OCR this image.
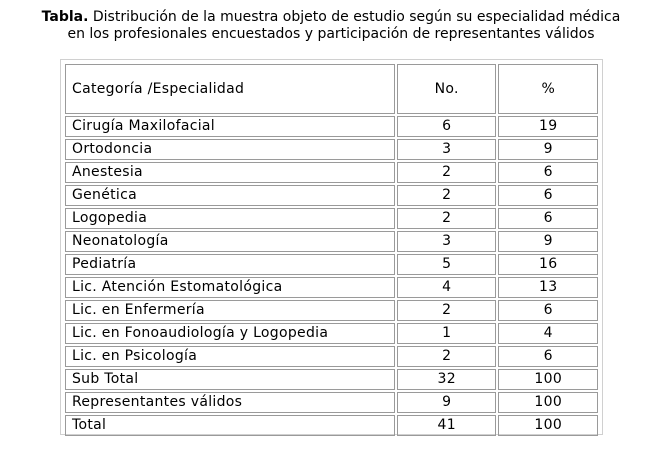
Tabla. Distribución de la muestra objeto de estudio según su especialidad médica
en los profesionales encuestados y participación de representantes válidos
Categoría /Especialidad	No.	%
Cirugía Maxilofacial	6	19
Ortodoncia	3	9
Anestesia	2	6
Genética	2	6
Logopedia	2	6
Neonatología	3	9
Pediatría	5	16
Lic. Atención Estomatológica	4	13
Lic. en Enfermería	2	6
Lic. en Fonoaudiología y Logopedia	1	4
Lic. en Psicología	2	6
Sub Total	32	100
Representantes válidos	9	100
Total	41	100
